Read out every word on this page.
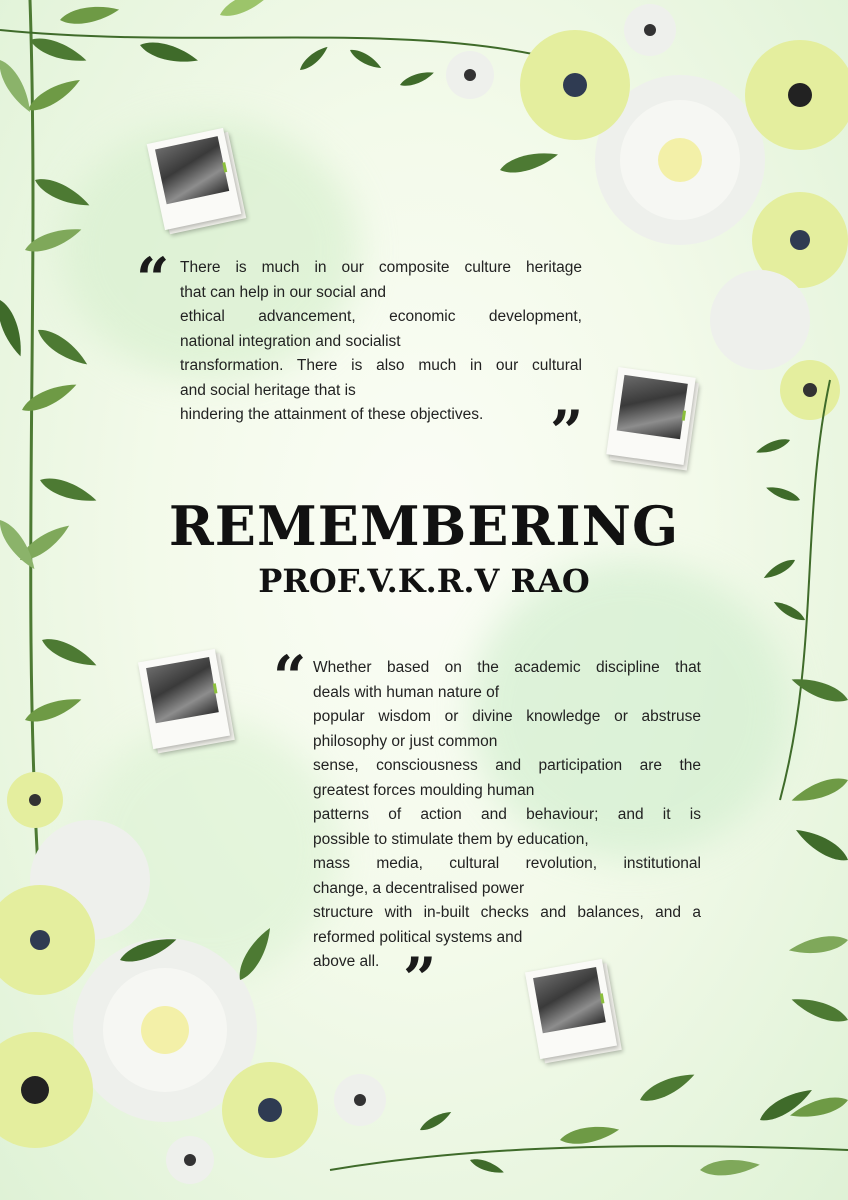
“ There is much in our composite culture heritage
that can help in our social and
ethical advancement, economic development,
national integration and socialist
transformation. There is also much in our cultural
and social heritage that is
hindering the attainment of these objectives.	”
REMEMBERING
PROF.V.K.R.V RAO
“ Whether based on the academic discipline that
deals with human nature of
popular wisdom or divine knowledge or abstruse
philosophy or just common
sense, consciousness and participation are the
greatest forces moulding human
patterns of action and behaviour; and it is
possible to stimulate them by education,
mass media, cultural revolution, institutional
change, a decentralised power
structure with in-built checks and balances, and a
reformed political systems and
above all. ”
